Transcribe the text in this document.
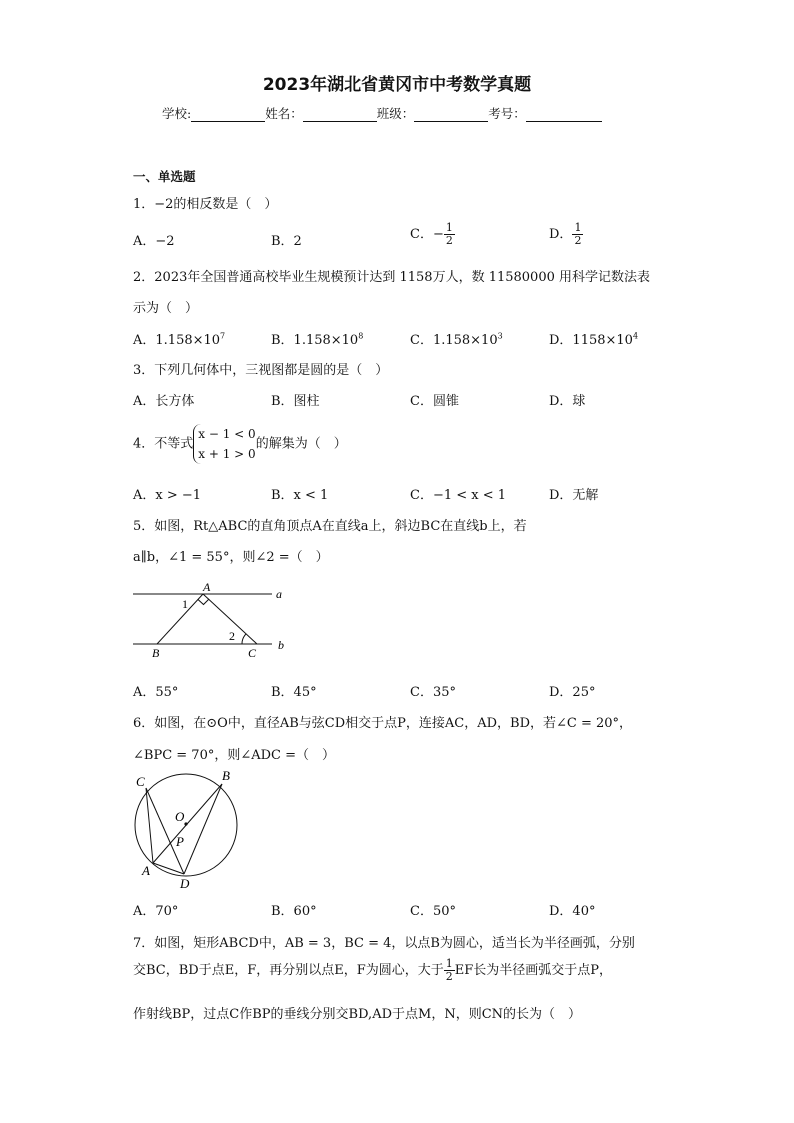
2023年湖北省黄冈市中考数学真题
学校:	姓名：	班级：	考号：
一、单选题
1．−2的相反数是（　）
A．−2	B．2	C．− $\frac{1}{2}$	D． $\frac{1}{2}$
2．2023年全国普通高校毕业生规模预计达到 1158万人，数 11580000 用科学记数法表
示为（　）
A．$1.158\times 10^7$	B．$1.158\times 10^8$	C．$1.158\times 10^3$	D．$1158\times 10^4$
3．下列几何体中，三视图都是圆的是（　）
A．长方体	B．图柱	C．圆锥	D．球
4．不等式
x − 1 < 0
x + 1 > 0
的解集为（　）
A．x > −1	B．x < 1	C．−1 < x < 1	D．无解
5．如图，Rt△ABC的直角顶点A在直线a上，斜边BC在直线b上，若
a∥b，∠1 = 55°，则∠2 =（　）
A
1
2
B	C
a
b
A．55°	B．45°	C．35°	D．25°
6．如图，在⊙O中，直径AB与弦CD相交于点P，连接AC，AD，BD，若∠C = 20°，
∠BPC = 70°，则∠ADC =（　）
C	B
O
P
A
D
A．70°	B．60°	C．50°	D．40°
7．如图，矩形ABCD中，AB = 3，BC = 4，以点B为圆心，适当长为半径画弧，分别
交BC，BD于点E，F，再分别以点E，F为圆心，大于 $\frac{1}{2}$ EF长为半径画弧交于点P，
作射线BP，过点C作BP的垂线分别交BD,AD于点M，N，则CN的长为（　）
